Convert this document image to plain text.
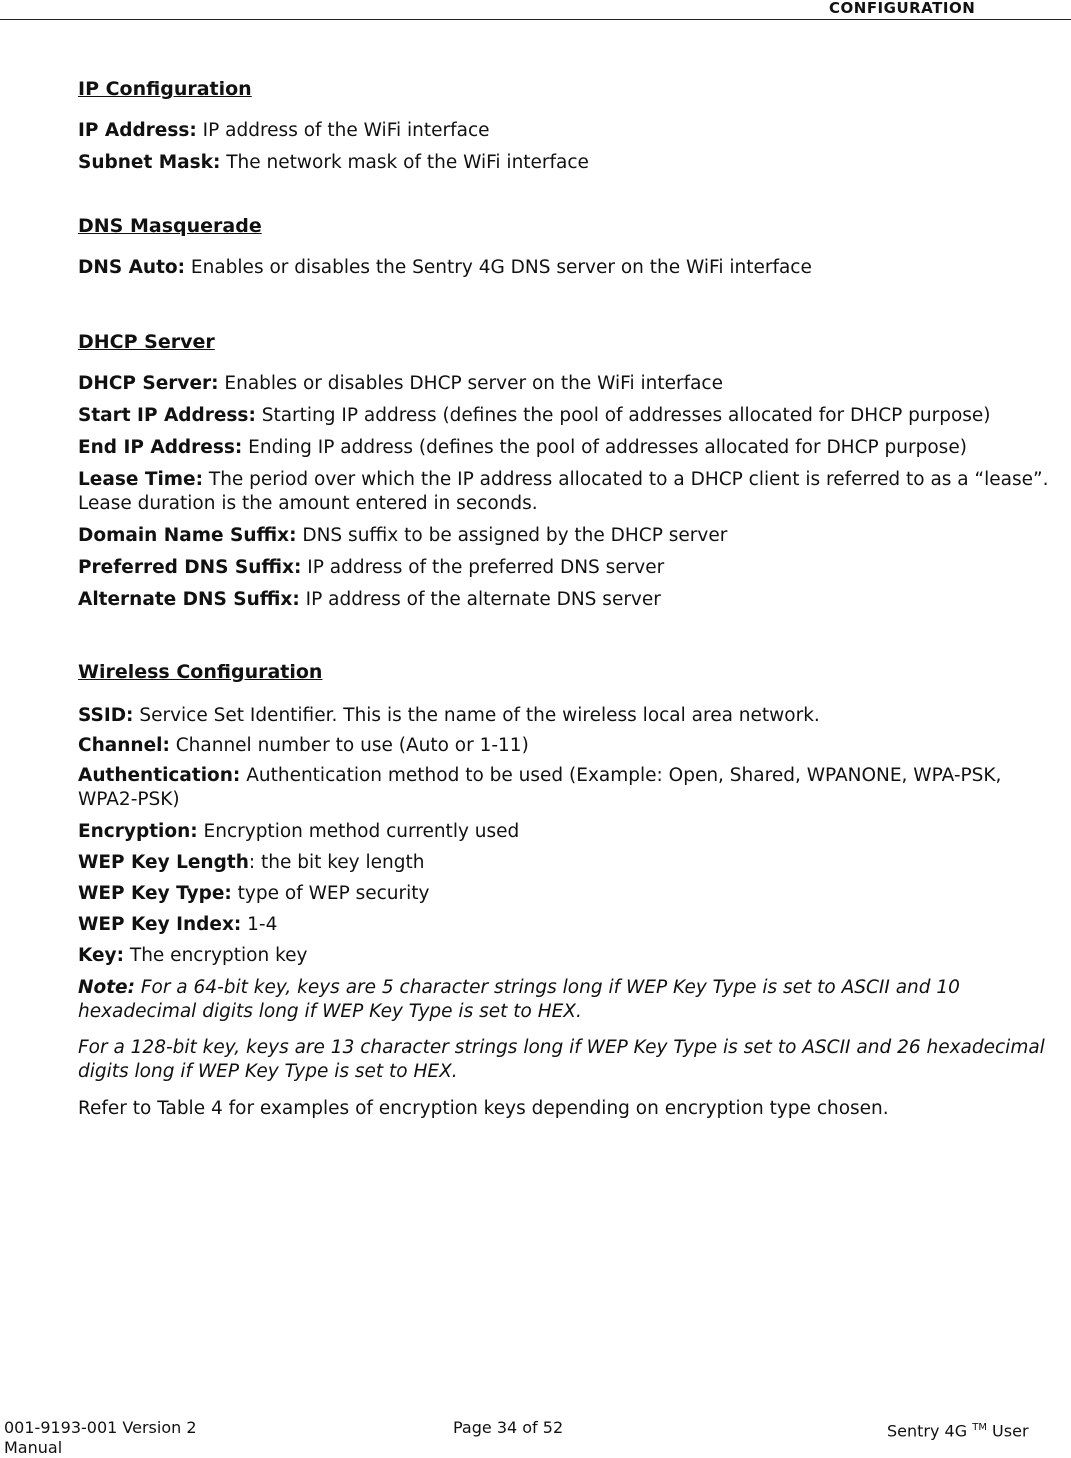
CONFIGURATION

IP Configuration

IP Address: IP address of the WiFi interface

Subnet Mask: The network mask of the WiFi interface

DNS Masquerade

DNS Auto: Enables or disables the Sentry 4G DNS server on the WiFi interface

DHCP Server

DHCP Server: Enables or disables DHCP server on the WiFi interface

Start IP Address: Starting IP address (defines the pool of addresses allocated for DHCP purpose)

End IP Address: Ending IP address (defines the pool of addresses allocated for DHCP purpose)

Lease Time: The period over which the IP address allocated to a DHCP client is referred to as a “lease”. Lease duration is the amount entered in seconds.

Domain Name Suffix: DNS suffix to be assigned by the DHCP server

Preferred DNS Suffix: IP address of the preferred DNS server

Alternate DNS Suffix: IP address of the alternate DNS server

Wireless Configuration

SSID: Service Set Identifier. This is the name of the wireless local area network.

Channel: Channel number to use (Auto or 1-11)

Authentication: Authentication method to be used (Example: Open, Shared, WPANONE, WPA-PSK, WPA2-PSK)

Encryption: Encryption method currently used

WEP Key Length: the bit key length

WEP Key Type: type of WEP security

WEP Key Index: 1-4

Key: The encryption key

Note: For a 64-bit key, keys are 5 character strings long if WEP Key Type is set to ASCII and 10 hexadecimal digits long if WEP Key Type is set to HEX.

For a 128-bit key, keys are 13 character strings long if WEP Key Type is set to ASCII and 26 hexadecimal digits long if WEP Key Type is set to HEX.

Refer to Table 4 for examples of encryption keys depending on encryption type chosen.

001-9193-001 Version 2
Manual
Page 34 of 52	Sentry 4G ™ User
